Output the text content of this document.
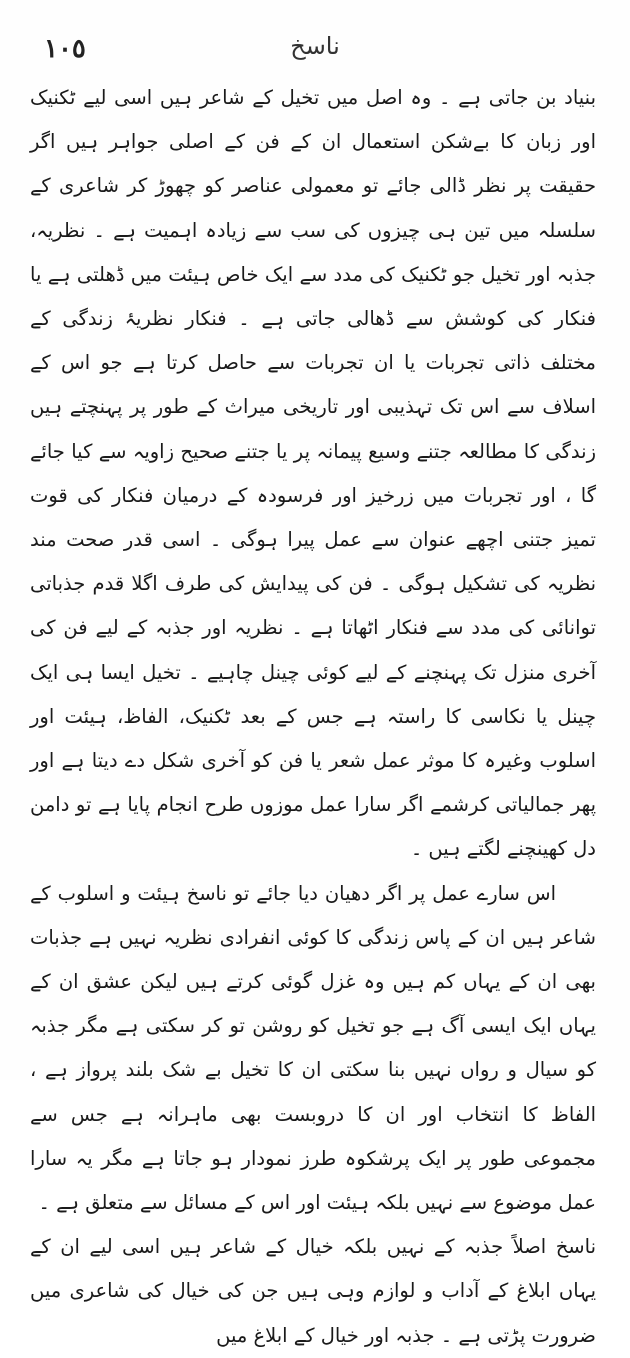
١٠٥	ناسخ

بنیاد بن جاتی ہے ۔ وہ اصل میں تخیل کے شاعر ہیں اسی لیے ٹکنیک اور زبان کا بےشکن استعمال ان کے فن کے اصلی جواہر ہیں اگر حقیقت پر نظر ڈالی جائے تو معمولی عناصر کو چھوڑ کر شاعری کے سلسلہ میں تین ہی چیزوں کی سب سے زیادہ اہمیت ہے ۔ نظریہ، جذبہ اور تخیل جو ٹکنیک کی مدد سے ایک خاص ہیئت میں ڈھلتی ہے یا فنکار کی کوشش سے ڈھالی جاتی ہے ۔ فنکار نظریۂ زندگی کے مختلف ذاتی تجربات یا ان تجربات سے حاصل کرتا ہے جو اس کے اسلاف سے اس تک تہذیبی اور تاریخی میراث کے طور پر پہنچتے ہیں زندگی کا مطالعہ جتنے وسیع پیمانہ پر یا جتنے صحیح زاویہ سے کیا جائے گا ، اور تجربات میں زرخیز اور فرسودہ کے درمیان فنکار کی قوت تمیز جتنی اچھے عنوان سے عمل پیرا ہوگی ۔ اسی قدر صحت مند نظریہ کی تشکیل ہوگی ۔ فن کی پیدایش کی طرف اگلا قدم جذباتی توانائی کی مدد سے فنکار اٹھاتا ہے ۔ نظریہ اور جذبہ کے لیے فن کی آخری منزل تک پہنچنے کے لیے کوئی چینل چاہیے ۔ تخیل ایسا ہی ایک چینل یا نکاسی کا راستہ ہے جس کے بعد ٹکنیک، الفاظ، ہیئت اور اسلوب وغیرہ کا موثر عمل شعر یا فن کو آخری شکل دے دیتا ہے اور پھر جمالیاتی کرشمے اگر سارا عمل موزوں طرح انجام پایا ہے تو دامن دل کھینچنے لگتے ہیں ۔

اس سارے عمل پر اگر دھیان دیا جائے تو ناسخ ہیئت و اسلوب کے شاعر ہیں ان کے پاس زندگی کا کوئی انفرادی نظریہ نہیں ہے جذبات بھی ان کے یہاں کم ہیں وہ غزل گوئی کرتے ہیں لیکن عشق ان کے یہاں ایک ایسی آگ ہے جو تخیل کو روشن تو کر سکتی ہے مگر جذبہ کو سیال و رواں نہیں بنا سکتی ان کا تخیل بے شک بلند پرواز ہے ، الفاظ کا انتخاب اور ان کا دروبست بھی ماہرانہ ہے جس سے مجموعی طور پر ایک پرشکوہ طرز نمودار ہو جاتا ہے مگر یہ سارا عمل موضوع سے نہیں بلکہ ہیئت اور اس کے مسائل سے متعلق ہے ۔

ناسخ اصلاً جذبہ کے نہیں بلکہ خیال کے شاعر ہیں اسی لیے ان کے یہاں ابلاغ کے آداب و لوازم وہی ہیں جن کی خیال کی شاعری میں ضرورت پڑتی ہے ۔ جذبہ اور خیال کے ابلاغ میں
